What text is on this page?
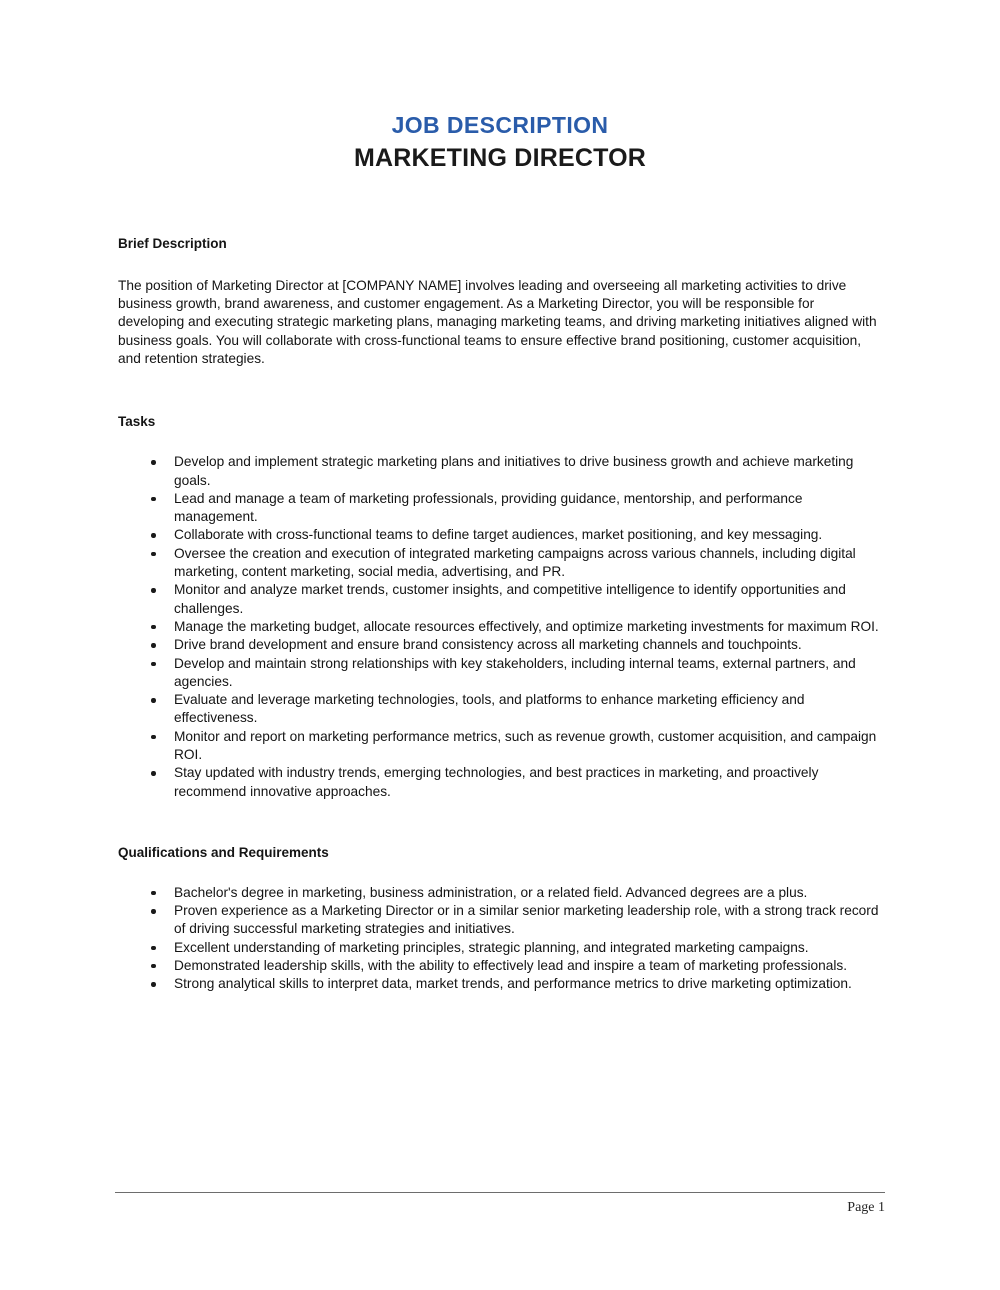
JOB DESCRIPTION
MARKETING DIRECTOR
Brief Description

The position of Marketing Director at [COMPANY NAME] involves leading and overseeing all marketing activities to drive business growth, brand awareness, and customer engagement. As a Marketing Director, you will be responsible for developing and executing strategic marketing plans, managing marketing teams, and driving marketing initiatives aligned with business goals. You will collaborate with cross-functional teams to ensure effective brand positioning, customer acquisition, and retention strategies.

Tasks
Develop and implement strategic marketing plans and initiatives to drive business growth and achieve marketing goals.
Lead and manage a team of marketing professionals, providing guidance, mentorship, and performance management.
Collaborate with cross-functional teams to define target audiences, market positioning, and key messaging.
Oversee the creation and execution of integrated marketing campaigns across various channels, including digital marketing, content marketing, social media, advertising, and PR.
Monitor and analyze market trends, customer insights, and competitive intelligence to identify opportunities and challenges.
Manage the marketing budget, allocate resources effectively, and optimize marketing investments for maximum ROI.
Drive brand development and ensure brand consistency across all marketing channels and touchpoints.
Develop and maintain strong relationships with key stakeholders, including internal teams, external partners, and agencies.
Evaluate and leverage marketing technologies, tools, and platforms to enhance marketing efficiency and effectiveness.
Monitor and report on marketing performance metrics, such as revenue growth, customer acquisition, and campaign ROI.
Stay updated with industry trends, emerging technologies, and best practices in marketing, and proactively recommend innovative approaches.
Qualifications and Requirements
Bachelor's degree in marketing, business administration, or a related field. Advanced degrees are a plus.
Proven experience as a Marketing Director or in a similar senior marketing leadership role, with a strong track record of driving successful marketing strategies and initiatives.
Excellent understanding of marketing principles, strategic planning, and integrated marketing campaigns.
Demonstrated leadership skills, with the ability to effectively lead and inspire a team of marketing professionals.
Strong analytical skills to interpret data, market trends, and performance metrics to drive marketing optimization.
Page 1
